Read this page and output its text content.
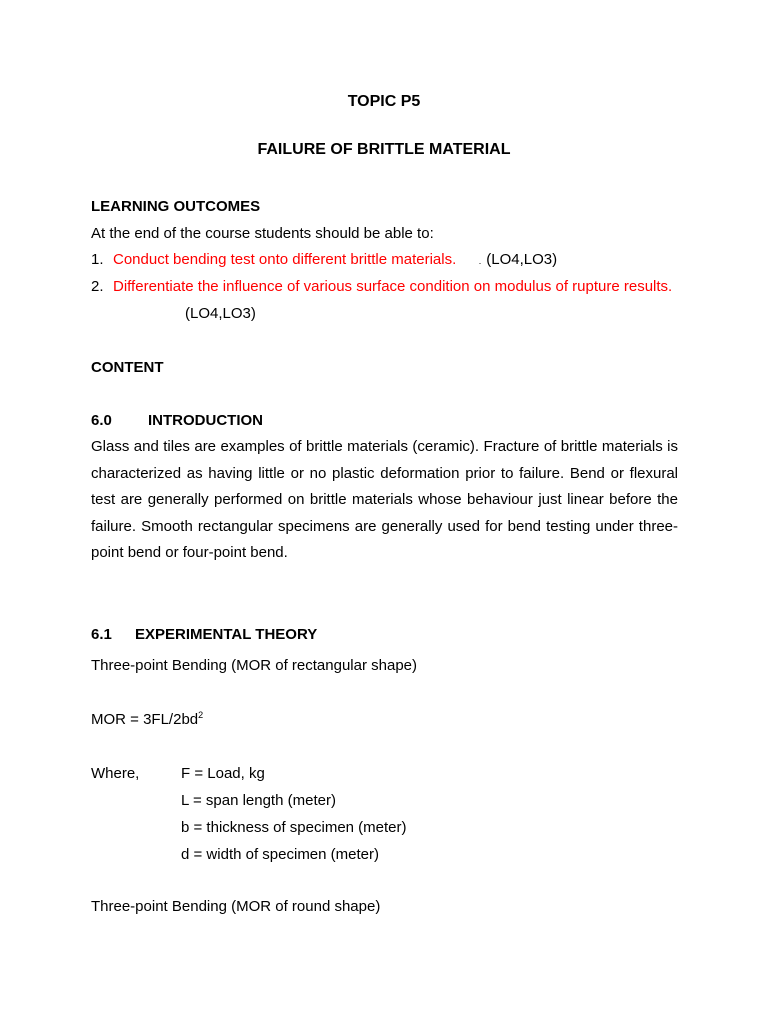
TOPIC P5
FAILURE OF BRITTLE MATERIAL
LEARNING OUTCOMES
At the end of the course students should be able to:
1. Conduct bending test onto different brittle materials. . (LO4,LO3)
2. Differentiate the influence of various surface condition on modulus of rupture results.
(LO4,LO3)
CONTENT
6.0 INTRODUCTION
Glass and tiles are examples of brittle materials (ceramic). Fracture of brittle materials is characterized as having little or no plastic deformation prior to failure. Bend or flexural test are generally performed on brittle materials whose behaviour just linear before the failure. Smooth rectangular specimens are generally used for bend testing under three-point bend or four-point bend.
6.1 EXPERIMENTAL THEORY
Three-point Bending (MOR of rectangular shape)
MOR = $3FL/2bd^2$
Where,	F = Load, kg
L = span length (meter)
b = thickness of specimen (meter)
d = width of specimen (meter)
Three-point Bending (MOR of round shape)
